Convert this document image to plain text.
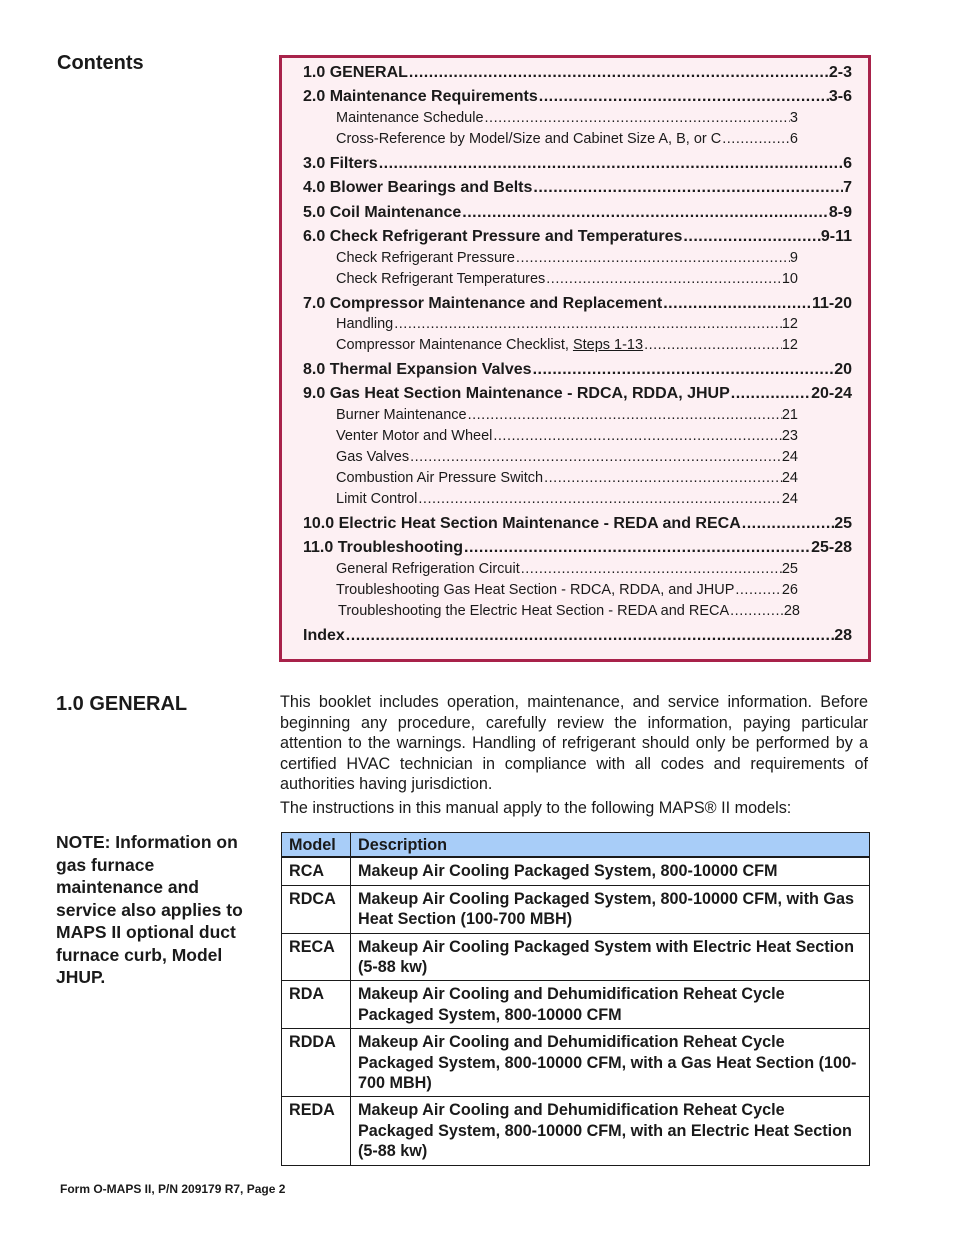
Contents	1.0 GENERAL .....	2-3
2.0 Maintenance Requirements .....	3-6
Maintenance Schedule .....	3
Cross-Reference by Model/Size and Cabinet Size A, B, or C .....	6
3.0 Filters .....	6
4.0 Blower Bearings and Belts .....	7
5.0 Coil Maintenance .....	8-9
6.0 Check Refrigerant Pressure and Temperatures .....	9-11
Check Refrigerant Pressure .....	9
Check Refrigerant Temperatures .....	10
7.0 Compressor Maintenance and Replacement .....	11-20
Handling .....	12
Compressor Maintenance Checklist,
Steps 1-13 .....	12
8.0 Thermal Expansion Valves .....	20
9.0 Gas Heat Section Maintenance - RDCA, RDDA, JHUP .....	20-24
Burner Maintenance .....	21
Venter Motor and Wheel .....	23
Gas Valves .....	24
Combustion Air Pressure Switch .....	24
Limit Control .....	24
10.0 Electric Heat Section Maintenance - REDA and RECA .....	25
11.0 Troubleshooting .....	25-28
General Refrigeration Circuit .....	25
Troubleshooting Gas Heat Section - RDCA, RDDA, and JHUP .....	26
Troubleshooting the Electric Heat Section - REDA and RECA .....	28
Index .....	28
1.0 GENERAL	This booklet includes operation, maintenance, and service information. Before beginning any procedure, carefully review the information, paying particular attention to the warnings. Handling of refrigerant should only be performed by a certified HVAC technician in compliance with all codes and requirements of authorities having jurisdiction.

The instructions in this manual apply to the following MAPS® II models:

NOTE: Information on gas furnace maintenance and service also applies to MAPS II optional duct furnace curb, Model JHUP.
Model	Description
RCA	Makeup Air Cooling Packaged System, 800-10000 CFM
RDCA	Makeup Air Cooling Packaged System, 800-10000 CFM, with Gas Heat Section (100-700 MBH)
RECA	Makeup Air Cooling Packaged System with Electric Heat Section (5-88 kw)
RDA	Makeup Air Cooling and Dehumidification Reheat Cycle Packaged System, 800-10000 CFM
RDDA	Makeup Air Cooling and Dehumidification Reheat Cycle Packaged System, 800-10000 CFM, with a Gas Heat Section (100-700 MBH)
REDA	Makeup Air Cooling and Dehumidification Reheat Cycle Packaged System, 800-10000 CFM, with an Electric Heat Section (5-88 kw)
Form O-MAPS II, P/N 209179 R7, Page 2
